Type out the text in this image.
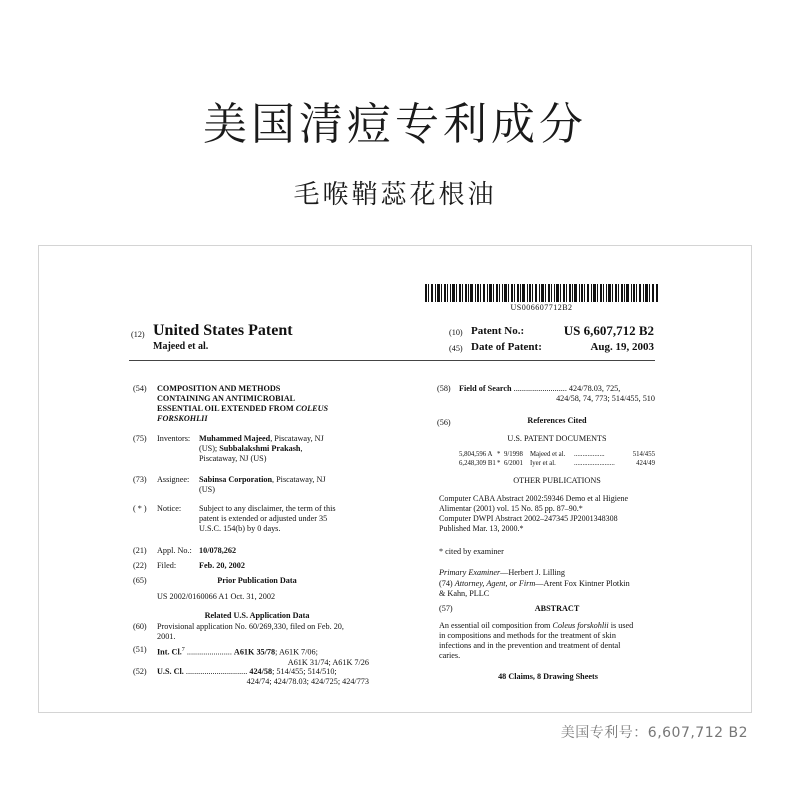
美国清痘专利成分
毛喉鞘蕊花根油
US006607712B2
(12) United States Patent
Majeed et al.
(10) Patent No.:	US 6,607,712 B2
(45) Date of Patent:	Aug. 19, 2003
(54) COMPOSITION AND METHODS
CONTAINING AN ANTIMICROBIAL
ESSENTIAL OIL EXTENDED FROM COLEUS
FORSKOHLII
(75) Inventors: Muhammed Majeed, Piscataway, NJ
(US); Subbalakshmi Prakash,
Piscataway, NJ (US)
(73) Assignee: Sabinsa Corporation, Piscataway, NJ
(US)
( * ) Notice: Subject to any disclaimer, the term of this
patent is extended or adjusted under 35
U.S.C. 154(b) by 0 days.
(21) Appl. No.: 10/078,262
(22) Filed:	Feb. 20, 2002
(65)	Prior Publication Data
US 2002/0160066 A1 Oct. 31, 2002
Related U.S. Application Data
(60) Provisional application No. 60/269,330, filed on Feb. 20,
2001.
(51) Int. Cl.$^7$ ...................... A61K 35/78; A61K 7/06;
A61K 31/74; A61K 7/26
(52) U.S. Cl. .............................. 424/58; 514/455; 514/510;
424/74; 424/78.03; 424/725; 424/773
(58) Field of Search .......................... 424/78.03, 725,
424/58, 74, 773; 514/455, 510
(56)	References Cited
U.S. PATENT DOCUMENTS
5,804,596 A * 9/1998	Majeed et al.	..................	514/455
6,248,309 B1 * 6/2001	Iyer et al.	........................	424/49
OTHER PUBLICATIONS
Computer CABA Abstract 2002:59346 Demo et al Higiene
Alimentar (2001) vol. 15 No. 85 pp. 87–90.*
Computer DWPI Abstract 2002–247345 JP2001348308
Published Mar. 13, 2000.*
* cited by examiner
Primary Examiner—Herbert J. Lilling
(74) Attorney, Agent, or Firm—Arent Fox Kintner Plotkin
& Kahn, PLLC
(57)	ABSTRACT
An essential oil composition from Coleus forskohlii is used
in compositions and methods for the treatment of skin
infections and in the prevention and treatment of dental
caries.
48 Claims, 8 Drawing Sheets
美国专利号：6,607,712 B2
